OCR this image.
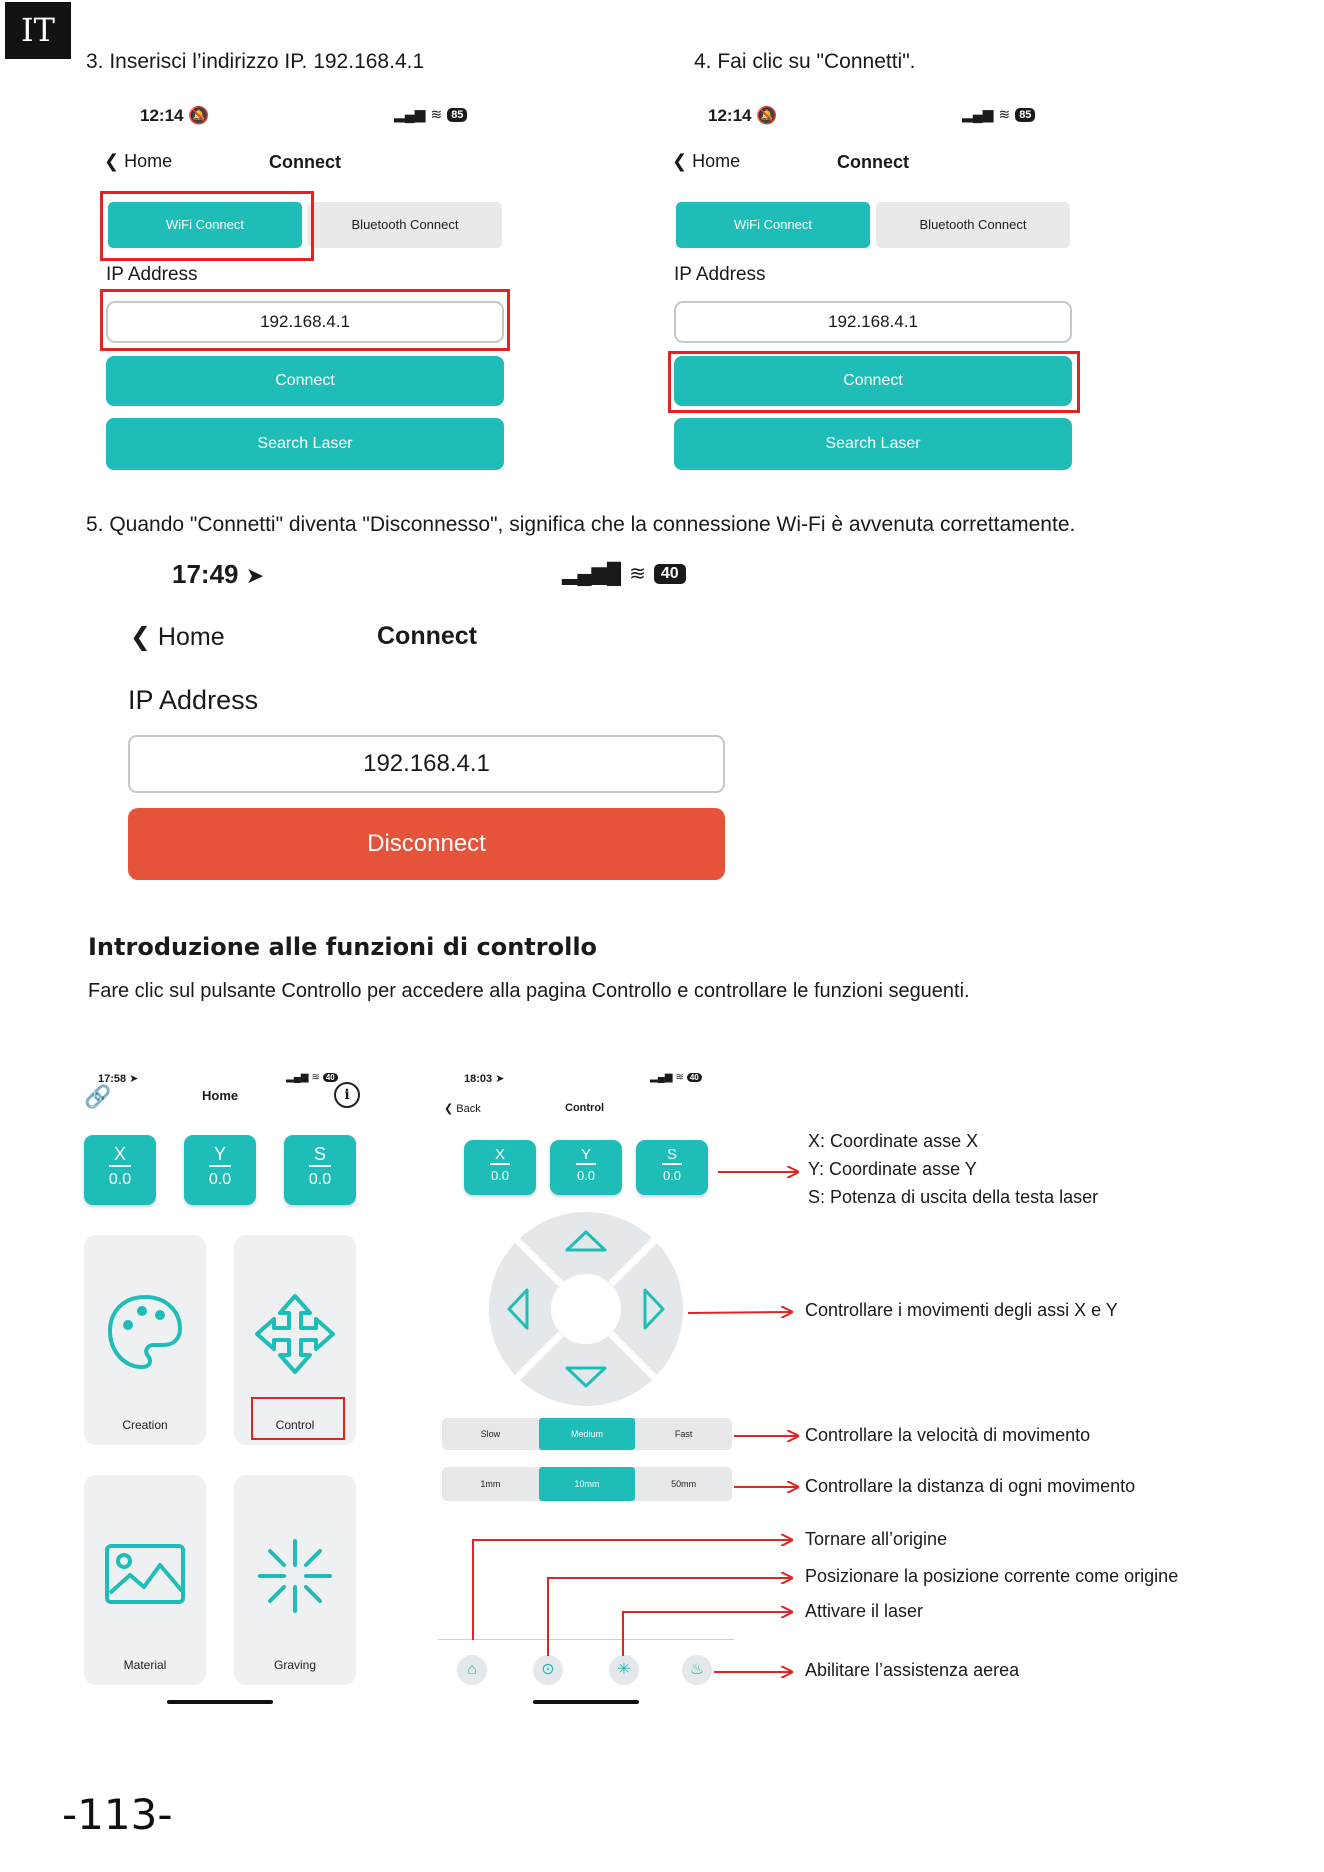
IT
3. Inserisci l’indirizzo IP. 192.168.4.1	4. Fai clic su "Connetti".
12:14 🔕	▂▄▆ ≋ 85
❮ Home	Connect
WiFi Connect	Bluetooth Connect
IP Address
192.168.4.1
Connect
Search Laser
12:14 🔕	▂▄▆ ≋ 85
❮ Home	Connect
WiFi Connect	Bluetooth Connect
IP Address
192.168.4.1
Connect
Search Laser
5. Quando "Connetti" diventa "Disconnesso", significa che la connessione Wi-Fi è avvenuta correttamente.
17:49 ➤	▂▄▆█ ≋ 40
❮ Home	Connect
IP Address
192.168.4.1
Disconnect
Introduzione alle funzioni di controllo
Fare clic sul pulsante Controllo per accedere alla pagina Controllo e controllare le funzioni seguenti.
17:58 ➤	▂▄▆ ≋ 40
🔗	Home	i
X
0.0
Y
0.0
S
0.0
Creation	Control
Material	Graving
18:03 ➤	▂▄▆ ≋ 40
❮ Back	Control
X
0.0
Y
0.0
S
0.0
Slow	Medium	Fast
1mm	10mm	50mm
⌂	⊙	✳	♨
X: Coordinate asse X
Y: Coordinate asse Y
S: Potenza di uscita della testa laser
Controllare i movimenti degli assi X e Y
Controllare la velocità di movimento
Controllare la distanza di ogni movimento
Tornare all’origine
Posizionare la posizione corrente come origine
Attivare il laser
Abilitare l’assistenza aerea
-113-
